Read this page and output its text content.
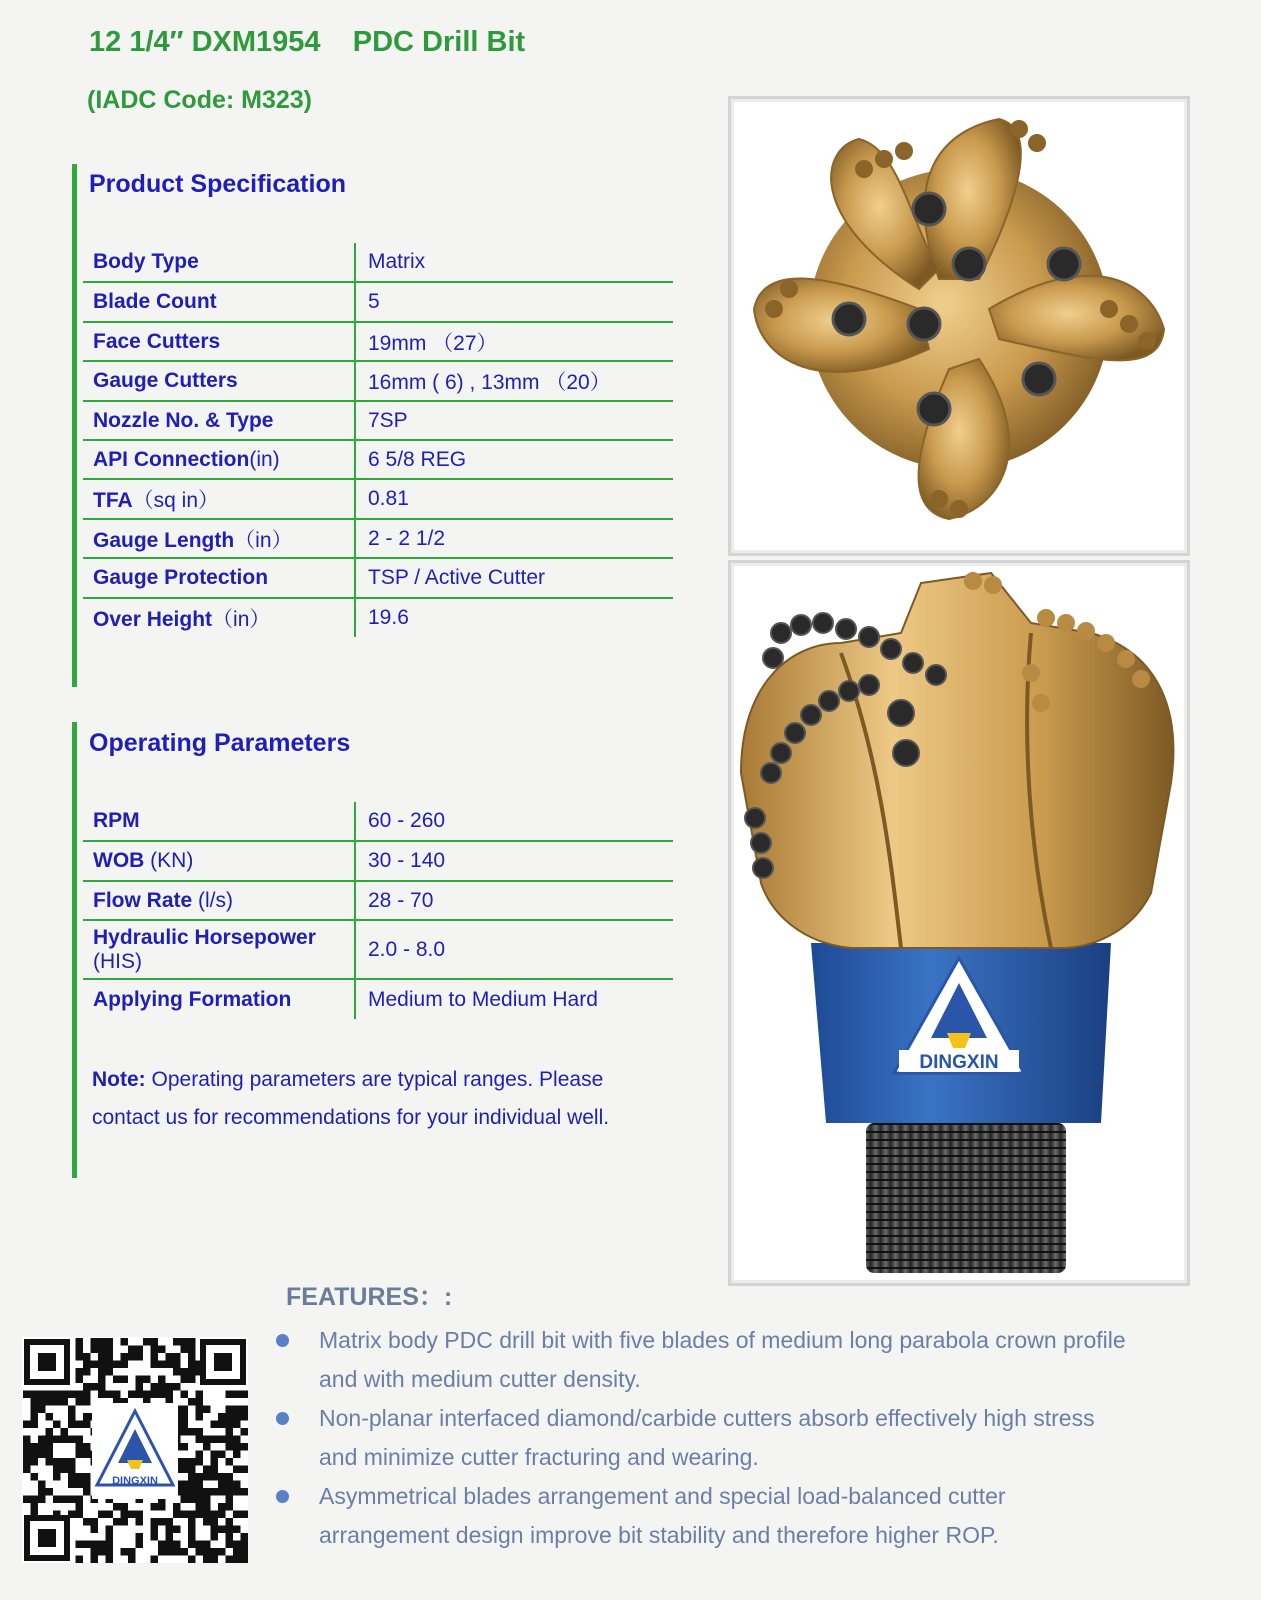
12 1/4″ DXM1954    PDC Drill Bit
(IADC Code: M323)
Product Specification
Body Type	Matrix
Blade Count	5
Face Cutters	19mm （27）
Gauge Cutters	16mm ( 6) , 13mm （20）
Nozzle No. & Type	7SP
API Connection(in)	6 5/8 REG
TFA（sq in）	0.81
Gauge Length（in）	2 - 2 1/2
Gauge Protection	TSP / Active Cutter
Over Height（in）	19.6
Operating Parameters
RPM	60 - 260
WOB (KN)	30 - 140
Flow Rate (l/s)	28 - 70
Hydraulic Horsepower (HIS)	2.0 - 8.0
Applying Formation	Medium to Medium Hard
Note: Operating parameters are typical ranges. Please contact us for recommendations for your individual well.
DINGXIN
FEATURES：:
Matrix body PDC drill bit with five blades of medium long parabola crown profile and with medium cutter density.
Non-planar interfaced diamond/carbide cutters absorb effectively high stress and minimize cutter fracturing and wearing.
Asymmetrical blades arrangement and special load-balanced cutter arrangement design improve bit stability and therefore higher ROP.
DINGXIN
